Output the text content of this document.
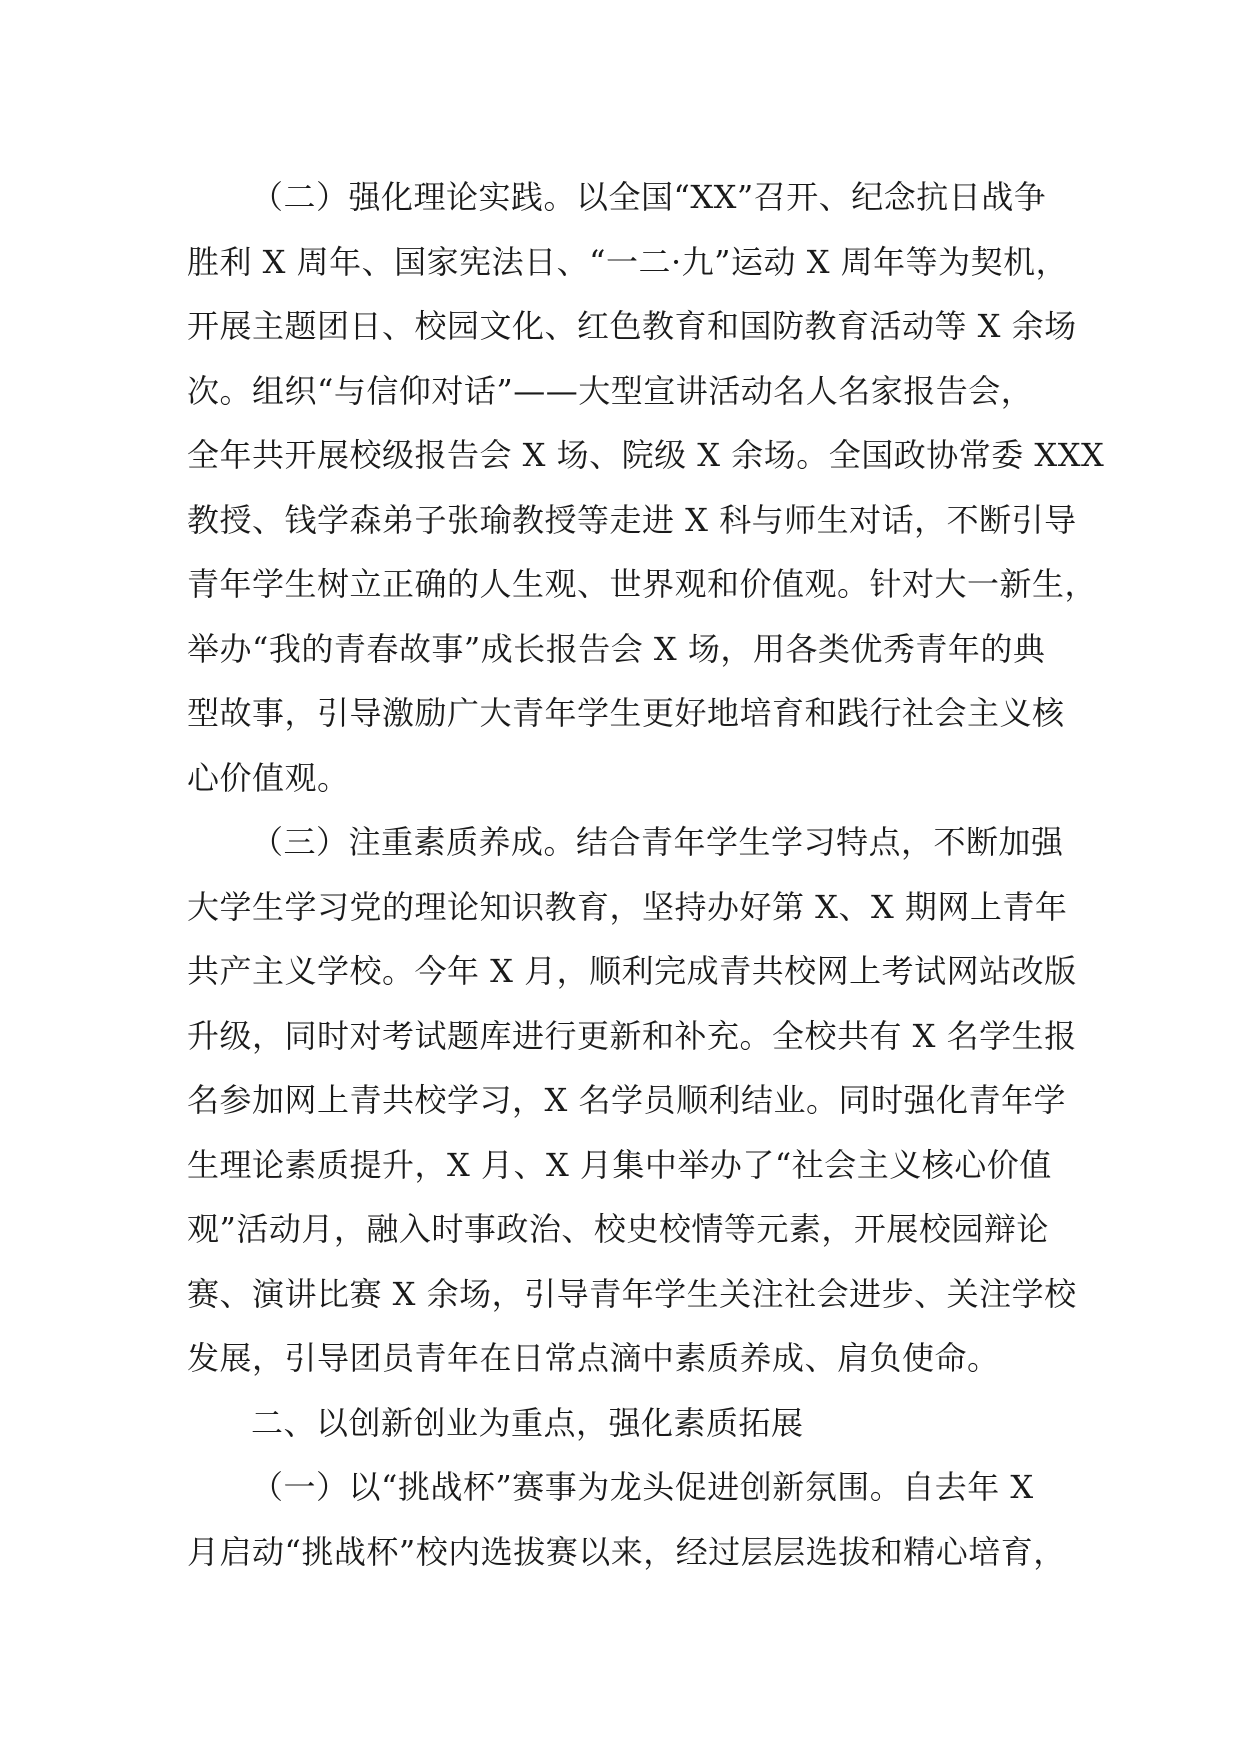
（二）强化理论实践。以全国“XX”召开、纪念抗日战争
胜利 X 周年、国家宪法日、“一二·九”运动 X 周年等为契机，
开展主题团日、校园文化、红色教育和国防教育活动等 X 余场
次。组织“与信仰对话”——大型宣讲活动名人名家报告会，
全年共开展校级报告会 X 场、院级 X 余场。全国政协常委 XXX
教授、钱学森弟子张瑜教授等走进 X 科与师生对话，不断引导
青年学生树立正确的人生观、世界观和价值观。针对大一新生，
举办“我的青春故事”成长报告会 X 场，用各类优秀青年的典
型故事，引导激励广大青年学生更好地培育和践行社会主义核
心价值观。
（三）注重素质养成。结合青年学生学习特点，不断加强
大学生学习党的理论知识教育，坚持办好第 X、X 期网上青年
共产主义学校。今年 X 月，顺利完成青共校网上考试网站改版
升级，同时对考试题库进行更新和补充。全校共有 X 名学生报
名参加网上青共校学习，X 名学员顺利结业。同时强化青年学
生理论素质提升，X 月、X 月集中举办了“社会主义核心价值
观”活动月，融入时事政治、校史校情等元素，开展校园辩论
赛、演讲比赛 X 余场，引导青年学生关注社会进步、关注学校
发展，引导团员青年在日常点滴中素质养成、肩负使命。
二、以创新创业为重点，强化素质拓展
（一）以“挑战杯”赛事为龙头促进创新氛围。自去年 X
月启动“挑战杯”校内选拔赛以来，经过层层选拔和精心培育，
